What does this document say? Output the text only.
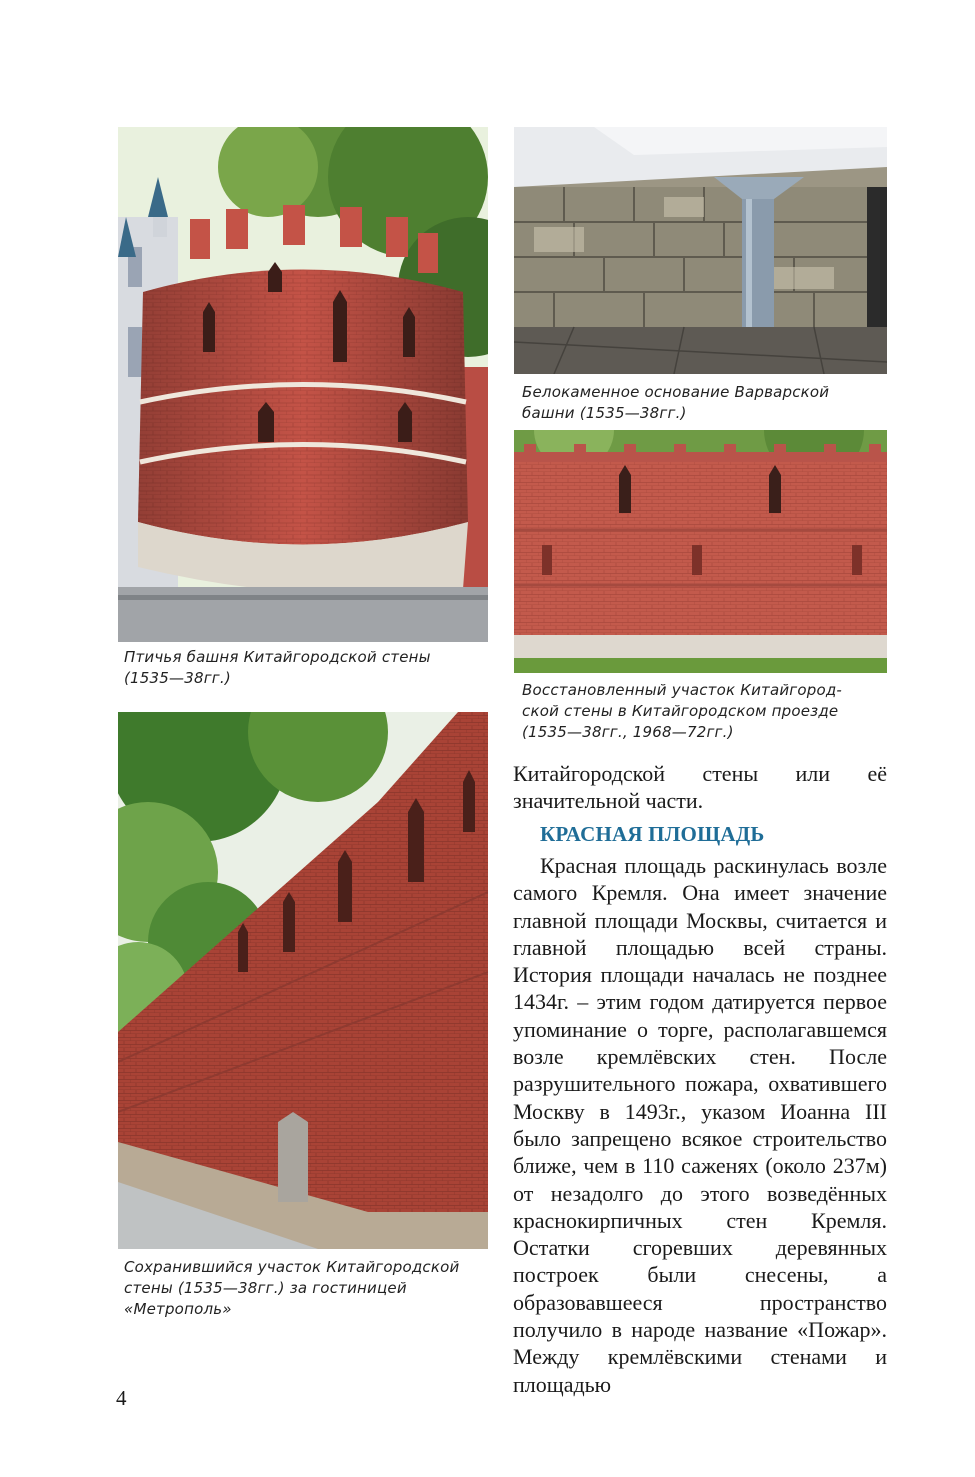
Птичья башня Китайгородской стены
(1535—38гг.)

Белокаменное основание Варварской
башни (1535—38гг.)

Восстановленный участок Китайгород-
ской стены в Китайгородском проезде
(1535—38гг., 1968—72гг.)

Сохранившийся участок Китайгородской
стены (1535—38гг.) за гостиницей
«Метрополь»

Китайгородской стены или её значительной части.

КРАСНАЯ ПЛОЩАДЬ

Красная площадь раскинулась возле самого Кремля. Она имеет значение главной площади Москвы, считается и главной площадью всей страны. История площади началась не позднее 1434г. – этим годом датируется первое упоминание о торге, располагавшемся возле кремлёвских стен. После разрушительного пожара, охватившего Москву в 1493г., указом Иоанна III было запрещено всякое строительство ближе, чем в 110 саженях (около 237м) от незадолго до этого возведённых краснокирпичных стен Кремля. Остатки сгоревших деревянных построек были снесены, а образовавшееся пространство получило в народе название «Пожар». Между кремлёвскими стенами и площадью

4
